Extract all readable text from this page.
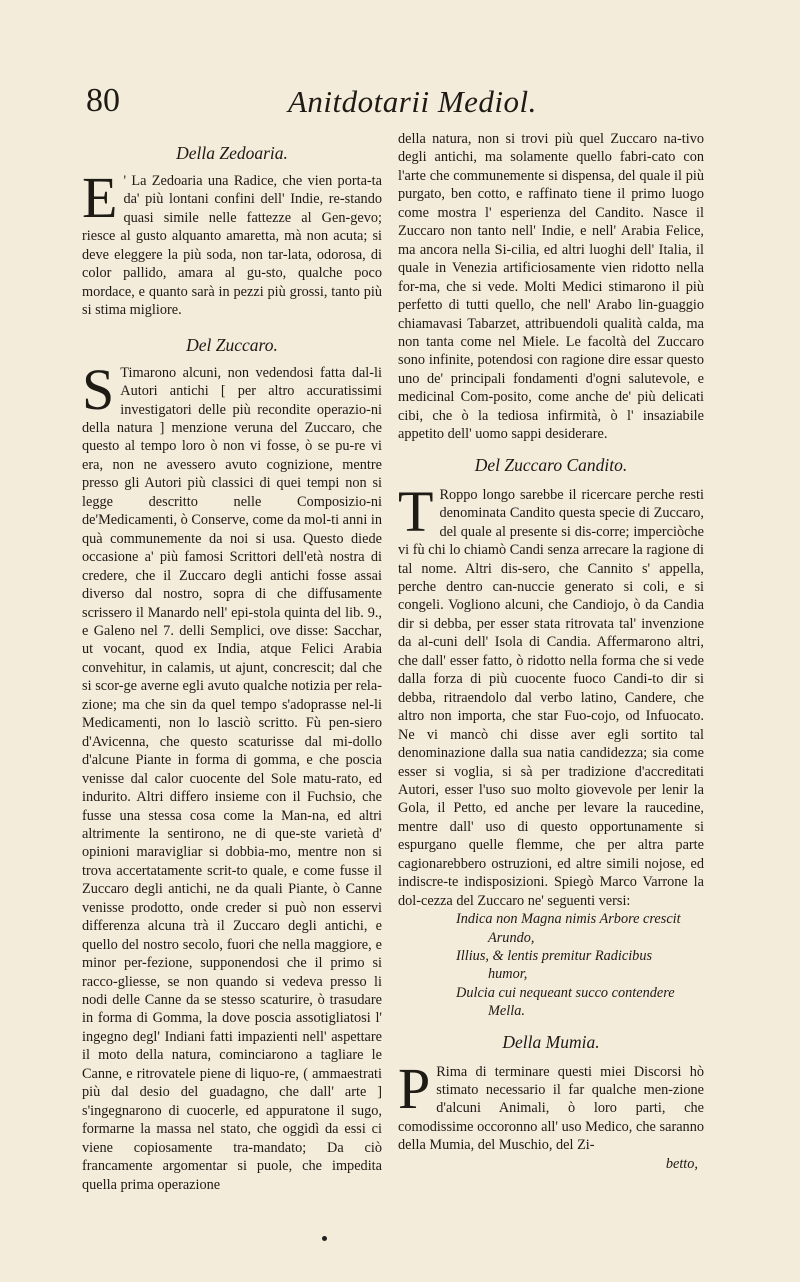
80	Anitdotarii Mediol.
Della Zedoaria.

E ' La Zedoaria una Radice, che vien porta-ta da' più lontani confini dell' Indie, re-stando quasi simile nelle fattezze al Gen-gevo; riesce al gusto alquanto amaretta, mà non acuta; si deve eleggere la più soda, non tar-lata, odorosa, di color pallido, amara al gu-sto, qualche poco mordace, e quanto sarà in pezzi più grossi, tanto più si stima migliore.

Del Zuccaro.

S Timarono alcuni, non vedendosi fatta dal-li Autori antichi [ per altro accuratissimi investigatori delle più recondite operazio-ni della natura ] menzione veruna del Zuccaro, che questo al tempo loro ò non vi fosse, ò se pu-re vi era, non ne avessero avuto cognizione, mentre presso gli Autori più classici di quei tempi non si legge descritto nelle Composizio-ni de'Medicamenti, ò Conserve, come da mol-ti anni in quà communemente da noi si usa. Questo diede occasione a' più famosi Scrittori dell'età nostra di credere, che il Zuccaro degli antichi fosse assai diverso dal nostro, sopra di che diffusamente scrissero il Manardo nell' epi-stola quinta del lib. 9., e Galeno nel 7. delli Semplici, ove disse: Sacchar, ut vocant, quod ex India, atque Felici Arabia convehitur, in calamis, ut ajunt, concrescit; dal che si scor-ge averne egli avuto qualche notizia per rela-zione; ma che sin da quel tempo s'adoprasse nel-li Medicamenti, non lo lasciò scritto. Fù pen-siero d'Avicenna, che questo scaturisse dal mi-dollo d'alcune Piante in forma di gomma, e che poscia venisse dal calor cuocente del Sole matu-rato, ed indurito. Altri differo insieme con il Fuchsio, che fusse una stessa cosa come la Man-na, ed altri altrimente la sentirono, ne di que-ste varietà d' opinioni maravigliar si dobbia-mo, mentre non si trova accertatamente scrit-to quale, e come fusse il Zuccaro degli antichi, ne da quali Piante, ò Canne venisse prodotto, onde creder si può non esservi differenza alcuna trà il Zuccaro degli antichi, e quello del nostro secolo, fuori che nella maggiore, e minor per-fezione, supponendosi che il primo si racco-gliesse, se non quando si vedeva presso li nodi delle Canne da se stesso scaturire, ò trasudare in forma di Gomma, la dove poscia assotigliatosi l' ingegno degl' Indiani fatti impazienti nell' aspettare il moto della natura, cominciarono a tagliare le Canne, e ritrovatele piene di liquo-re, ( ammaestrati più dal desio del guadagno, che dall' arte ] s'ingegnarono di cuocerle, ed appuratone il sugo, formarne la massa nel stato, che oggidì da essi ci viene copiosamente tra-mandato; Da ciò francamente argomentar si puole, che impedita quella prima operazione

della natura, non si trovi più quel Zuccaro na-tivo degli antichi, ma solamente quello fabri-cato con l'arte che communemente si dispensa, del quale il più purgato, ben cotto, e raffinato tiene il primo luogo come mostra l' esperienza del Candito. Nasce il Zuccaro non tanto nell' Indie, e nell' Arabia Felice, ma ancora nella Si-cilia, ed altri luoghi dell' Italia, il quale in Venezia artificiosamente vien ridotto nella for-ma, che si vede. Molti Medici stimarono il più perfetto di tutti quello, che nell' Arabo lin-guaggio chiamavasi Tabarzet, attribuendoli qualità calda, ma non tanta come nel Miele. Le facoltà del Zuccaro sono infinite, potendosi con ragione dire essar questo uno de' principali fondamenti d'ogni salutevole, e medicinal Com-posito, come anche de' più delicati cibi, che ò la tediosa infirmità, ò l' insaziabile appetito dell' uomo sappi desiderare.

Del Zuccaro Candito.

T Roppo longo sarebbe il ricercare perche resti denominata Candito questa specie di Zuccaro, del quale al presente si dis-corre; imperciòche vi fù chi lo chiamò Candi senza arrecare la ragione di tal nome. Altri dis-sero, che Cannito s' appella, perche dentro can-nuccie generato si coli, e si congeli. Vogliono alcuni, che Candiojo, ò da Candia dir si debba, per esser stata ritrovata tal' invenzione da al-cuni dell' Isola di Candia. Affermarono altri, che dall' esser fatto, ò ridotto nella forma che si vede dalla forza di più cuocente fuoco Candi-to dir si debba, ritraendolo dal verbo latino, Candere, che altro non importa, che star Fuo-cojo, od Infuocato. Ne vi mancò chi disse aver egli sortito tal denominazione dalla sua natia candidezza; sia come esser si voglia, si sà per tradizione d'accreditati Autori, esser l'uso suo molto giovevole per lenir la Gola, il Petto, ed anche per levare la raucedine, mentre dall' uso di questo opportunamente si espurgano quelle flemme, che per altra parte cagionarebbero ostruzioni, ed altre simili nojose, ed indiscre-te indisposizioni. Spiegò Marco Varrone la dol-cezza del Zuccaro ne' seguenti versi:

Indica non Magna nimis Arbore crescit
Arundo,
Illius, & lentis premitur Radicibus
humor,
Dulcia cui nequeant succo contendere
Mella.
Della Mumia.

P Rima di terminare questi miei Discorsi hò stimato necessario il far qualche men-zione d'alcuni Animali, ò loro parti, che comodissime occoronno all' uso Medico, che saranno della Mumia, del Muschio, del Zi-

betto,
